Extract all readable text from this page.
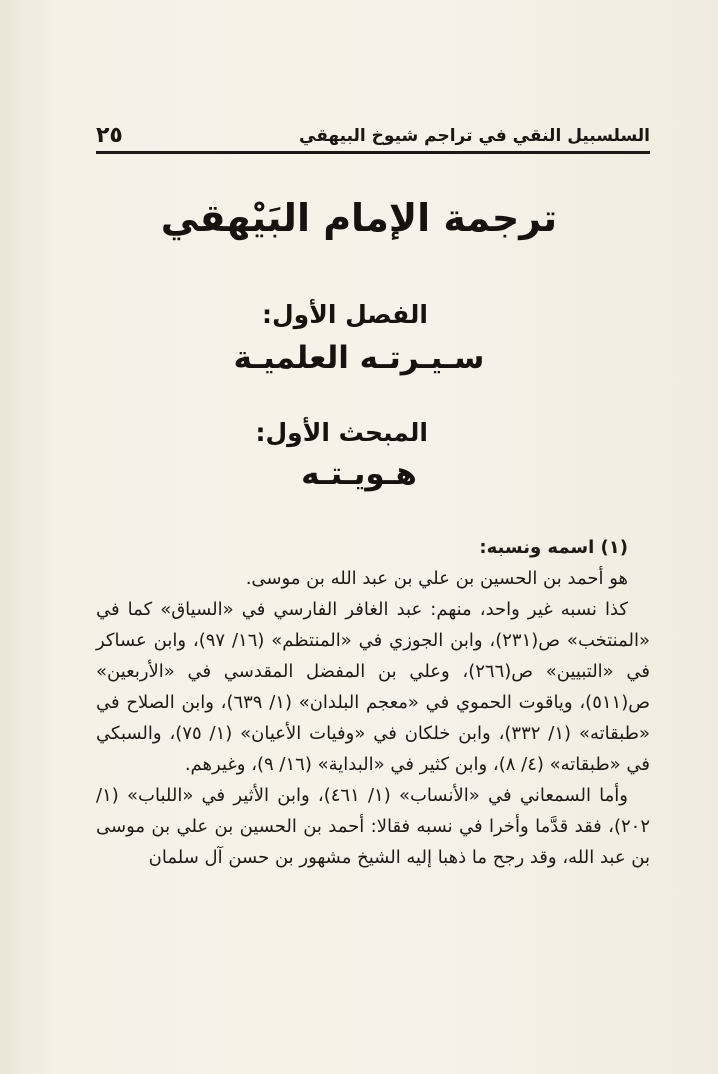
السلسبيل النقي في تراجم شيوخ البيهقي
٢٥
ترجمة الإمام البَيْهقي
الفصل الأول:
سـيـرتـه العلميـة
المبحث الأول:
هـويـتـه

(١) اسمه ونسبه:

هو أحمد بن الحسين بن علي بن عبد الله بن موسى.

كذا نسبه غير واحد، منهم: عبد الغافر الفارسي في «السياق» كما في «المنتخب» ص(٢٣١)، وابن الجوزي في «المنتظم» (١٦/ ٩٧)، وابن عساكر في «التبيين» ص(٢٦٦)، وعلي بن المفضل المقدسي في «الأربعين» ص(٥١١)، وياقوت الحموي في «معجم البلدان» (١/ ٦٣٩)، وابن الصلاح في «طبقاته» (١/ ٣٣٢)، وابن خلكان في «وفيات الأعيان» (١/ ٧٥)، والسبكي في «طبقاته» (٤/ ٨)، وابن كثير في «البداية» (١٦/ ٩)، وغيرهم.

وأما السمعاني في «الأنساب» (١/ ٤٦١)، وابن الأثير في «اللباب» (١/ ٢٠٢)، فقد قدَّما وأخرا في نسبه فقالا: أحمد بن الحسين بن علي بن موسى بن عبد الله، وقد رجح ما ذهبا إليه الشيخ مشهور بن حسن آل سلمان
